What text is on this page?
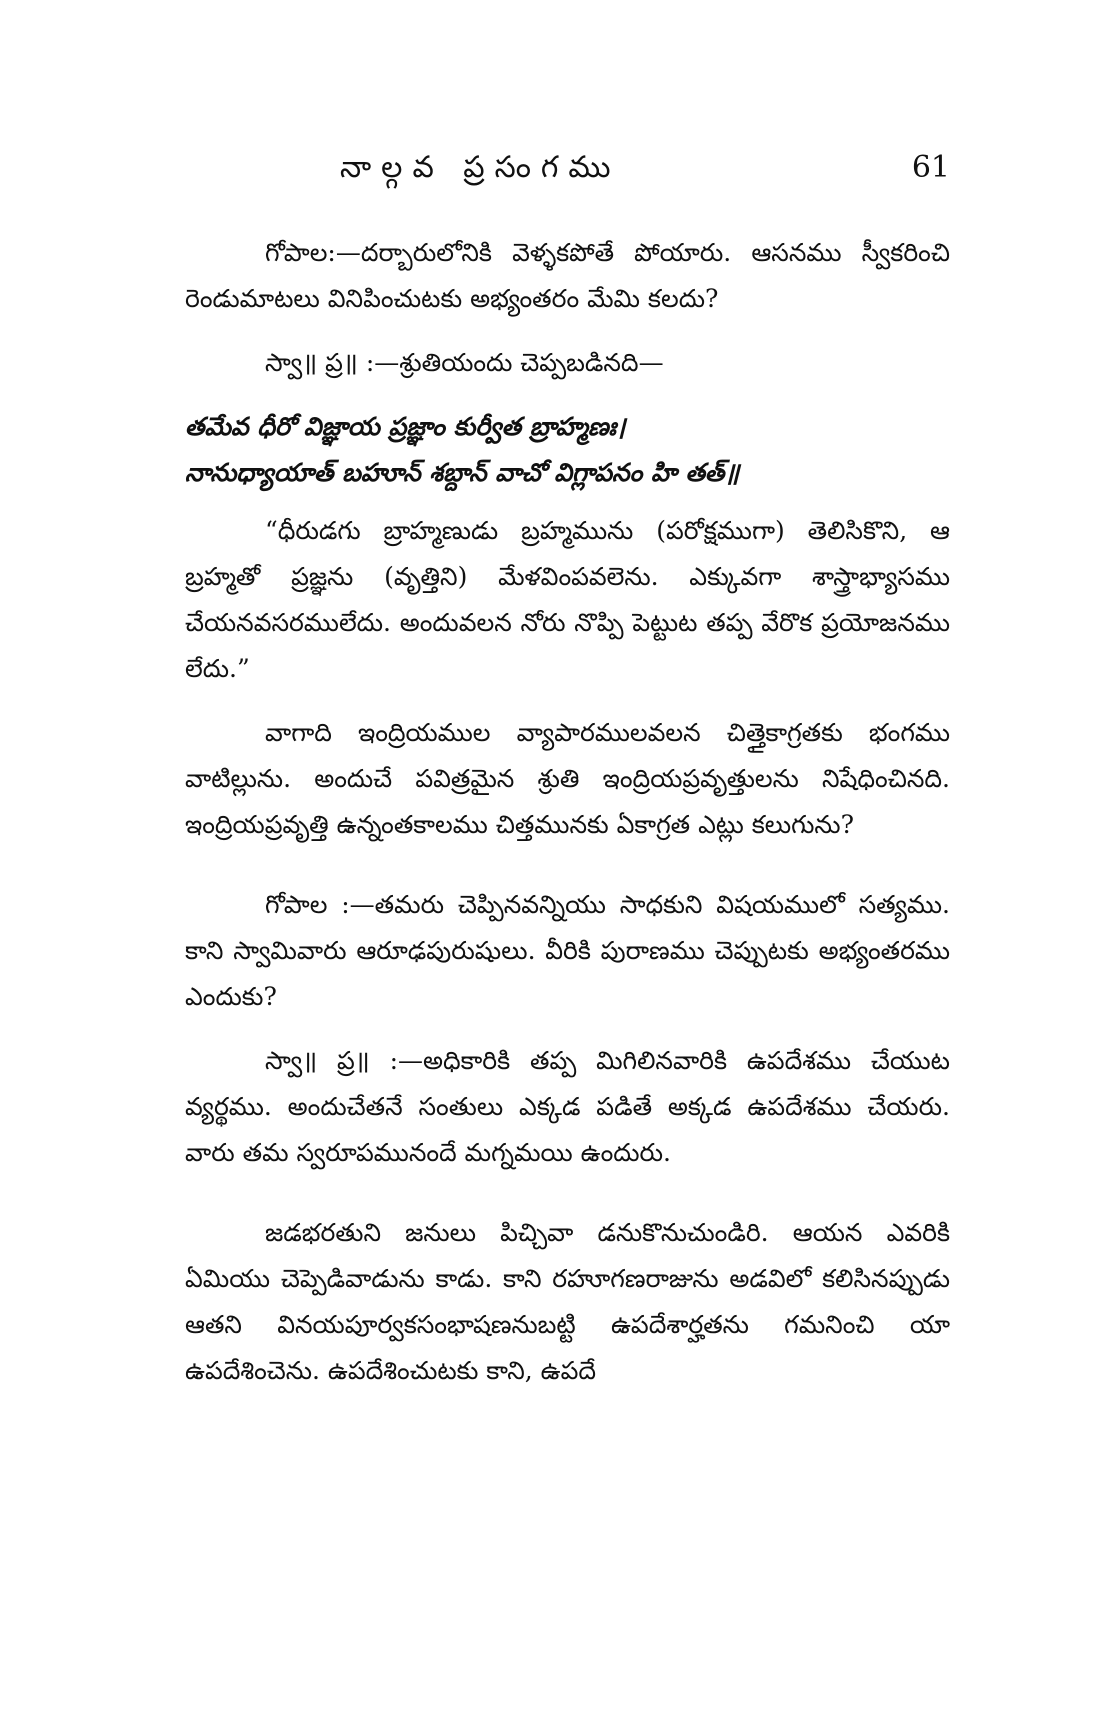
నాల్గవ ప్రసంగము	61

గోపాల:—దర్బారులోనికి వెళ్ళకపోతే పోయారు. ఆసనము స్వీకరించి రెండుమాటలు వినిపించుటకు అభ్యంతరం మేమి కలదు?

స్వా॥ ప్ర॥ :—శ్రుతియందు చెప్పబడినది—

తమేవ ధీరో విజ్ఞాయ ప్రజ్ఞాం కుర్వీత బ్రాహ్మణః।

నానుధ్యాయాత్ బహూన్ శబ్దాన్ వాచో విగ్లాపనం హి తత్॥

“ధీరుడగు బ్రాహ్మణుడు బ్రహ్మమును (పరోక్షముగా) తెలిసికొని, ఆ బ్రహ్మతో ప్రజ్ఞను (వృత్తిని) మేళవింపవలెను. ఎక్కువగా శాస్త్రాభ్యాసము చేయనవసరములేదు. అందువలన నోరు నొప్పి పెట్టుట తప్ప వేరొక ప్రయోజనము లేదు.”

వాగాది ఇంద్రియముల వ్యాపారములవలన చిత్తైకాగ్రతకు భంగము వాటిల్లును. అందుచే పవిత్రమైన శ్రుతి ఇంద్రియప్రవృత్తులను నిషేధించినది. ఇంద్రియప్రవృత్తి ఉన్నంతకాలము చిత్తమునకు ఏకాగ్రత ఎట్లు కలుగును?

గోపాల :—తమరు చెప్పినవన్నియు సాధకుని విషయములో సత్యము. కాని స్వామివారు ఆరూఢపురుషులు. వీరికి పురాణము చెప్పుటకు అభ్యంతరము ఎందుకు?

స్వా॥ ప్ర॥ :—అధికారికి తప్ప మిగిలినవారికి ఉపదేశము చేయుట వ్యర్థము. అందుచేతనే సంతులు ఎక్కడ పడితే అక్కడ ఉపదేశము చేయరు. వారు తమ స్వరూపమునందే మగ్నమయి ఉందురు.

జడభరతుని జనులు పిచ్చివా డనుకొనుచుండిరి. ఆయన ఎవరికి ఏమియు చెప్పెడివాడును కాడు. కాని రహూగణరాజును అడవిలో కలిసినప్పుడు ఆతని వినయపూర్వకసంభాషణనుబట్టి ఉపదేశార్హతను గమనించి యా ఉపదేశించెను. ఉపదేశించుటకు కాని, ఉపదే
